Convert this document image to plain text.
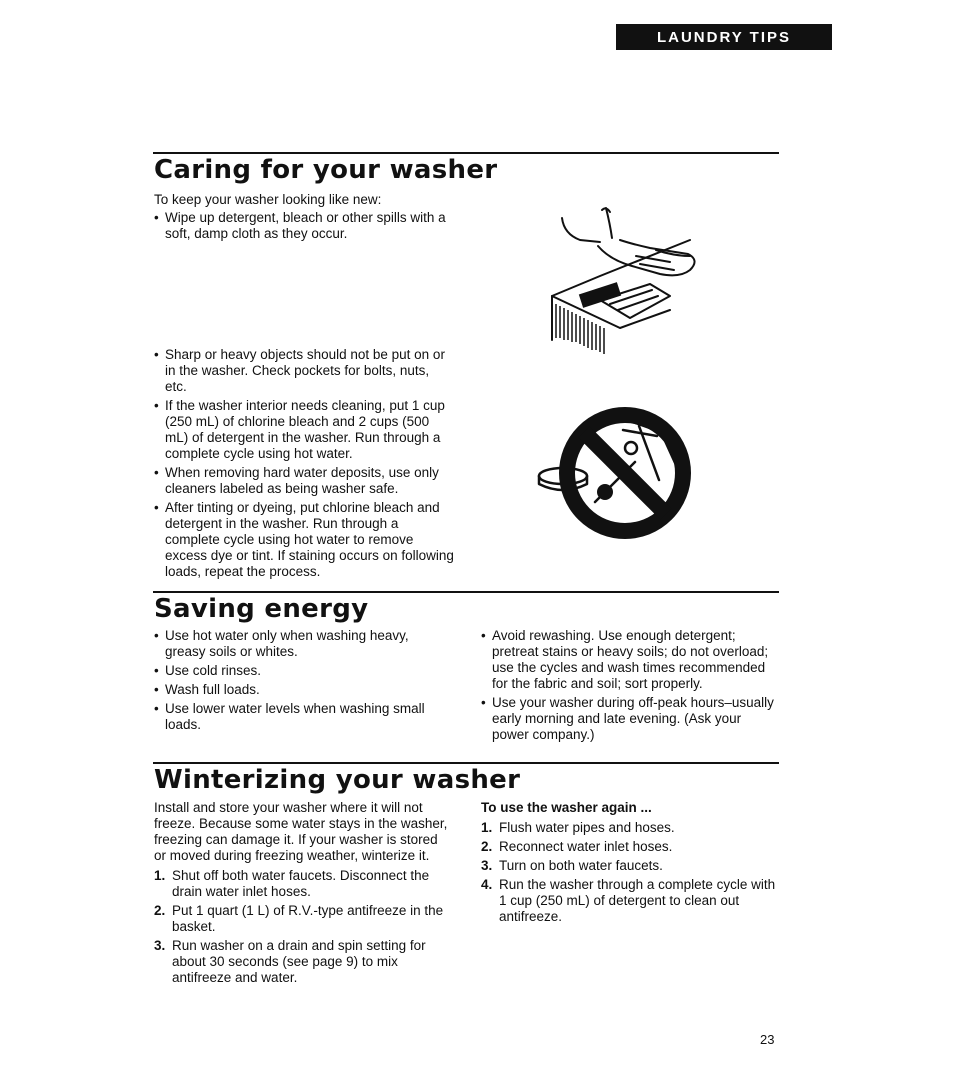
LAUNDRY TIPS
Caring for your washer

To keep your washer looking like new:

• Wipe up detergent, bleach or other spills with a soft, damp cloth as they occur.
• Sharp or heavy objects should not be put on or in the washer. Check pockets for bolts, nuts, etc.
• If the washer interior needs cleaning, put 1 cup (250 mL) of chlorine bleach and 2 cups (500 mL) of detergent in the washer. Run through a complete cycle using hot water.
• When removing hard water deposits, use only cleaners labeled as being washer safe.
• After tinting or dyeing, put chlorine bleach and detergent in the washer. Run through a complete cycle using hot water to remove excess dye or tint. If staining occurs on following loads, repeat the process.
Saving energy
• Use hot water only when washing heavy, greasy soils or whites.
• Use cold rinses.
• Wash full loads.
• Use lower water levels when washing small loads.
• Avoid rewashing. Use enough detergent; pretreat stains or heavy soils; do not overload; use the cycles and wash times recommended for the fabric and soil; sort properly.
• Use your washer during off-peak hours–usually early morning and late evening. (Ask your power company.)
Winterizing your washer

Install and store your washer where it will not freeze. Because some water stays in the washer, freezing can damage it. If your washer is stored or moved during freezing weather, winterize it.

1. Shut off both water faucets. Disconnect the drain water inlet hoses.
2. Put 1 quart (1 L) of R.V.-type antifreeze in the basket.
3. Run washer on a drain and spin setting for about 30 seconds (see page 9) to mix antifreeze and water.

To use the washer again ...

1. Flush water pipes and hoses.
2. Reconnect water inlet hoses.
3. Turn on both water faucets.
4. Run the washer through a complete cycle with 1 cup (250 mL) of detergent to clean out antifreeze.
23
